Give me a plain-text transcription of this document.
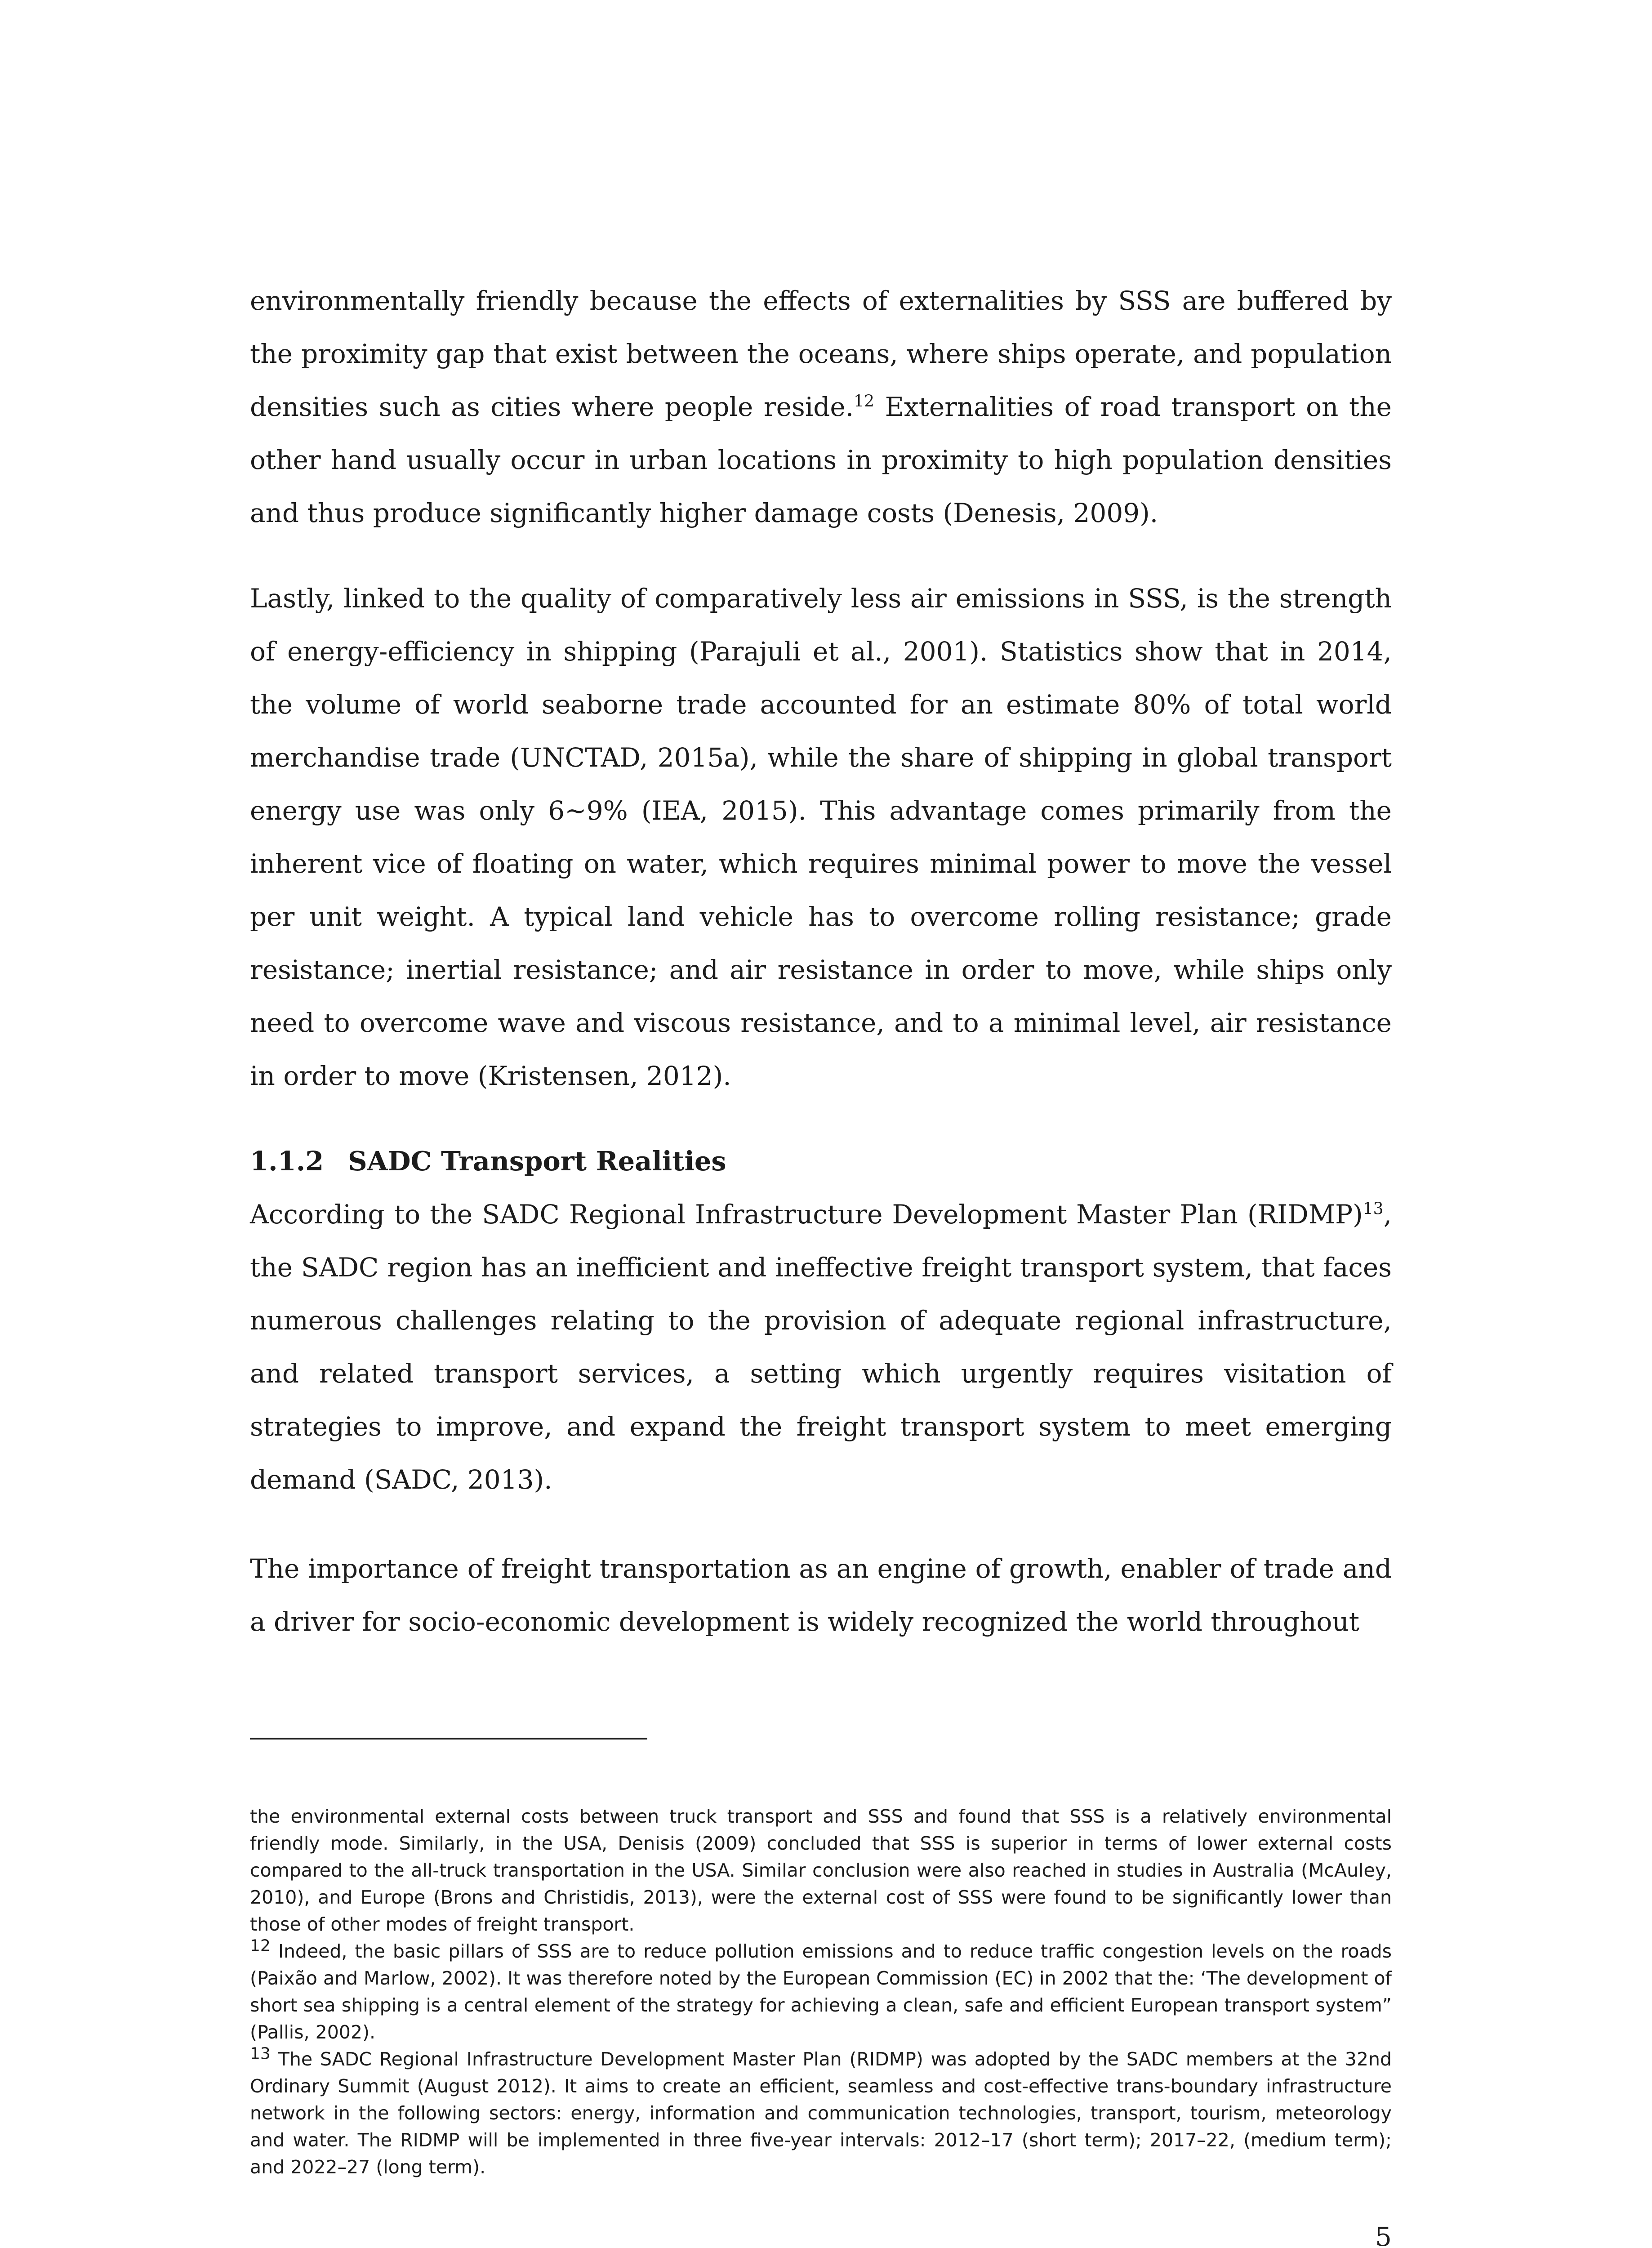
environmentally friendly because the effects of externalities by SSS are buffered by the proximity gap that exist between the oceans, where ships operate, and population densities such as cities where people reside.$^{12}$ Externalities of road transport on the other hand usually occur in urban locations in proximity to high population densities and thus produce significantly higher damage costs (Denesis, 2009).

Lastly, linked to the quality of comparatively less air emissions in SSS, is the strength of energy-efficiency in shipping (Parajuli et al., 2001). Statistics show that in 2014, the volume of world seaborne trade accounted for an estimate 80% of total world merchandise trade (UNCTAD, 2015a), while the share of shipping in global transport energy use was only 6~9% (IEA, 2015). This advantage comes primarily from the inherent vice of floating on water, which requires minimal power to move the vessel per unit weight. A typical land vehicle has to overcome rolling resistance; grade resistance; inertial resistance; and air resistance in order to move, while ships only need to overcome wave and viscous resistance, and to a minimal level, air resistance in order to move (Kristensen, 2012).

1.1.2 SADC Transport Realities

According to the SADC Regional Infrastructure Development Master Plan (RIDMP)$^{13}$, the SADC region has an inefficient and ineffective freight transport system, that faces numerous challenges relating to the provision of adequate regional infrastructure, and related transport services, a setting which urgently requires visitation of strategies to improve, and expand the freight transport system to meet emerging demand (SADC, 2013).

The importance of freight transportation as an engine of growth, enabler of trade and a driver for socio-economic development is widely recognized the world throughout

the environmental external costs between truck transport and SSS and found that SSS is a relatively environmental friendly mode. Similarly, in the USA, Denisis (2009) concluded that SSS is superior in terms of lower external costs compared to the all-truck transportation in the USA. Similar conclusion were also reached in studies in Australia (McAuley, 2010), and Europe (Brons and Christidis, 2013), were the external cost of SSS were found to be significantly lower than those of other modes of freight transport.

$^{12}$ Indeed, the basic pillars of SSS are to reduce pollution emissions and to reduce traffic congestion levels on the roads (Paixão and Marlow, 2002). It was therefore noted by the European Commission (EC) in 2002 that the: ‘The development of short sea shipping is a central element of the strategy for achieving a clean, safe and efficient European transport system” (Pallis, 2002).

$^{13}$ The SADC Regional Infrastructure Development Master Plan (RIDMP) was adopted by the SADC members at the 32nd Ordinary Summit (August 2012). It aims to create an efficient, seamless and cost-effective trans-boundary infrastructure network in the following sectors: energy, information and communication technologies, transport, tourism, meteorology and water. The RIDMP will be implemented in three five-year intervals: 2012–17 (short term); 2017–22, (medium term); and 2022–27 (long term).

5
